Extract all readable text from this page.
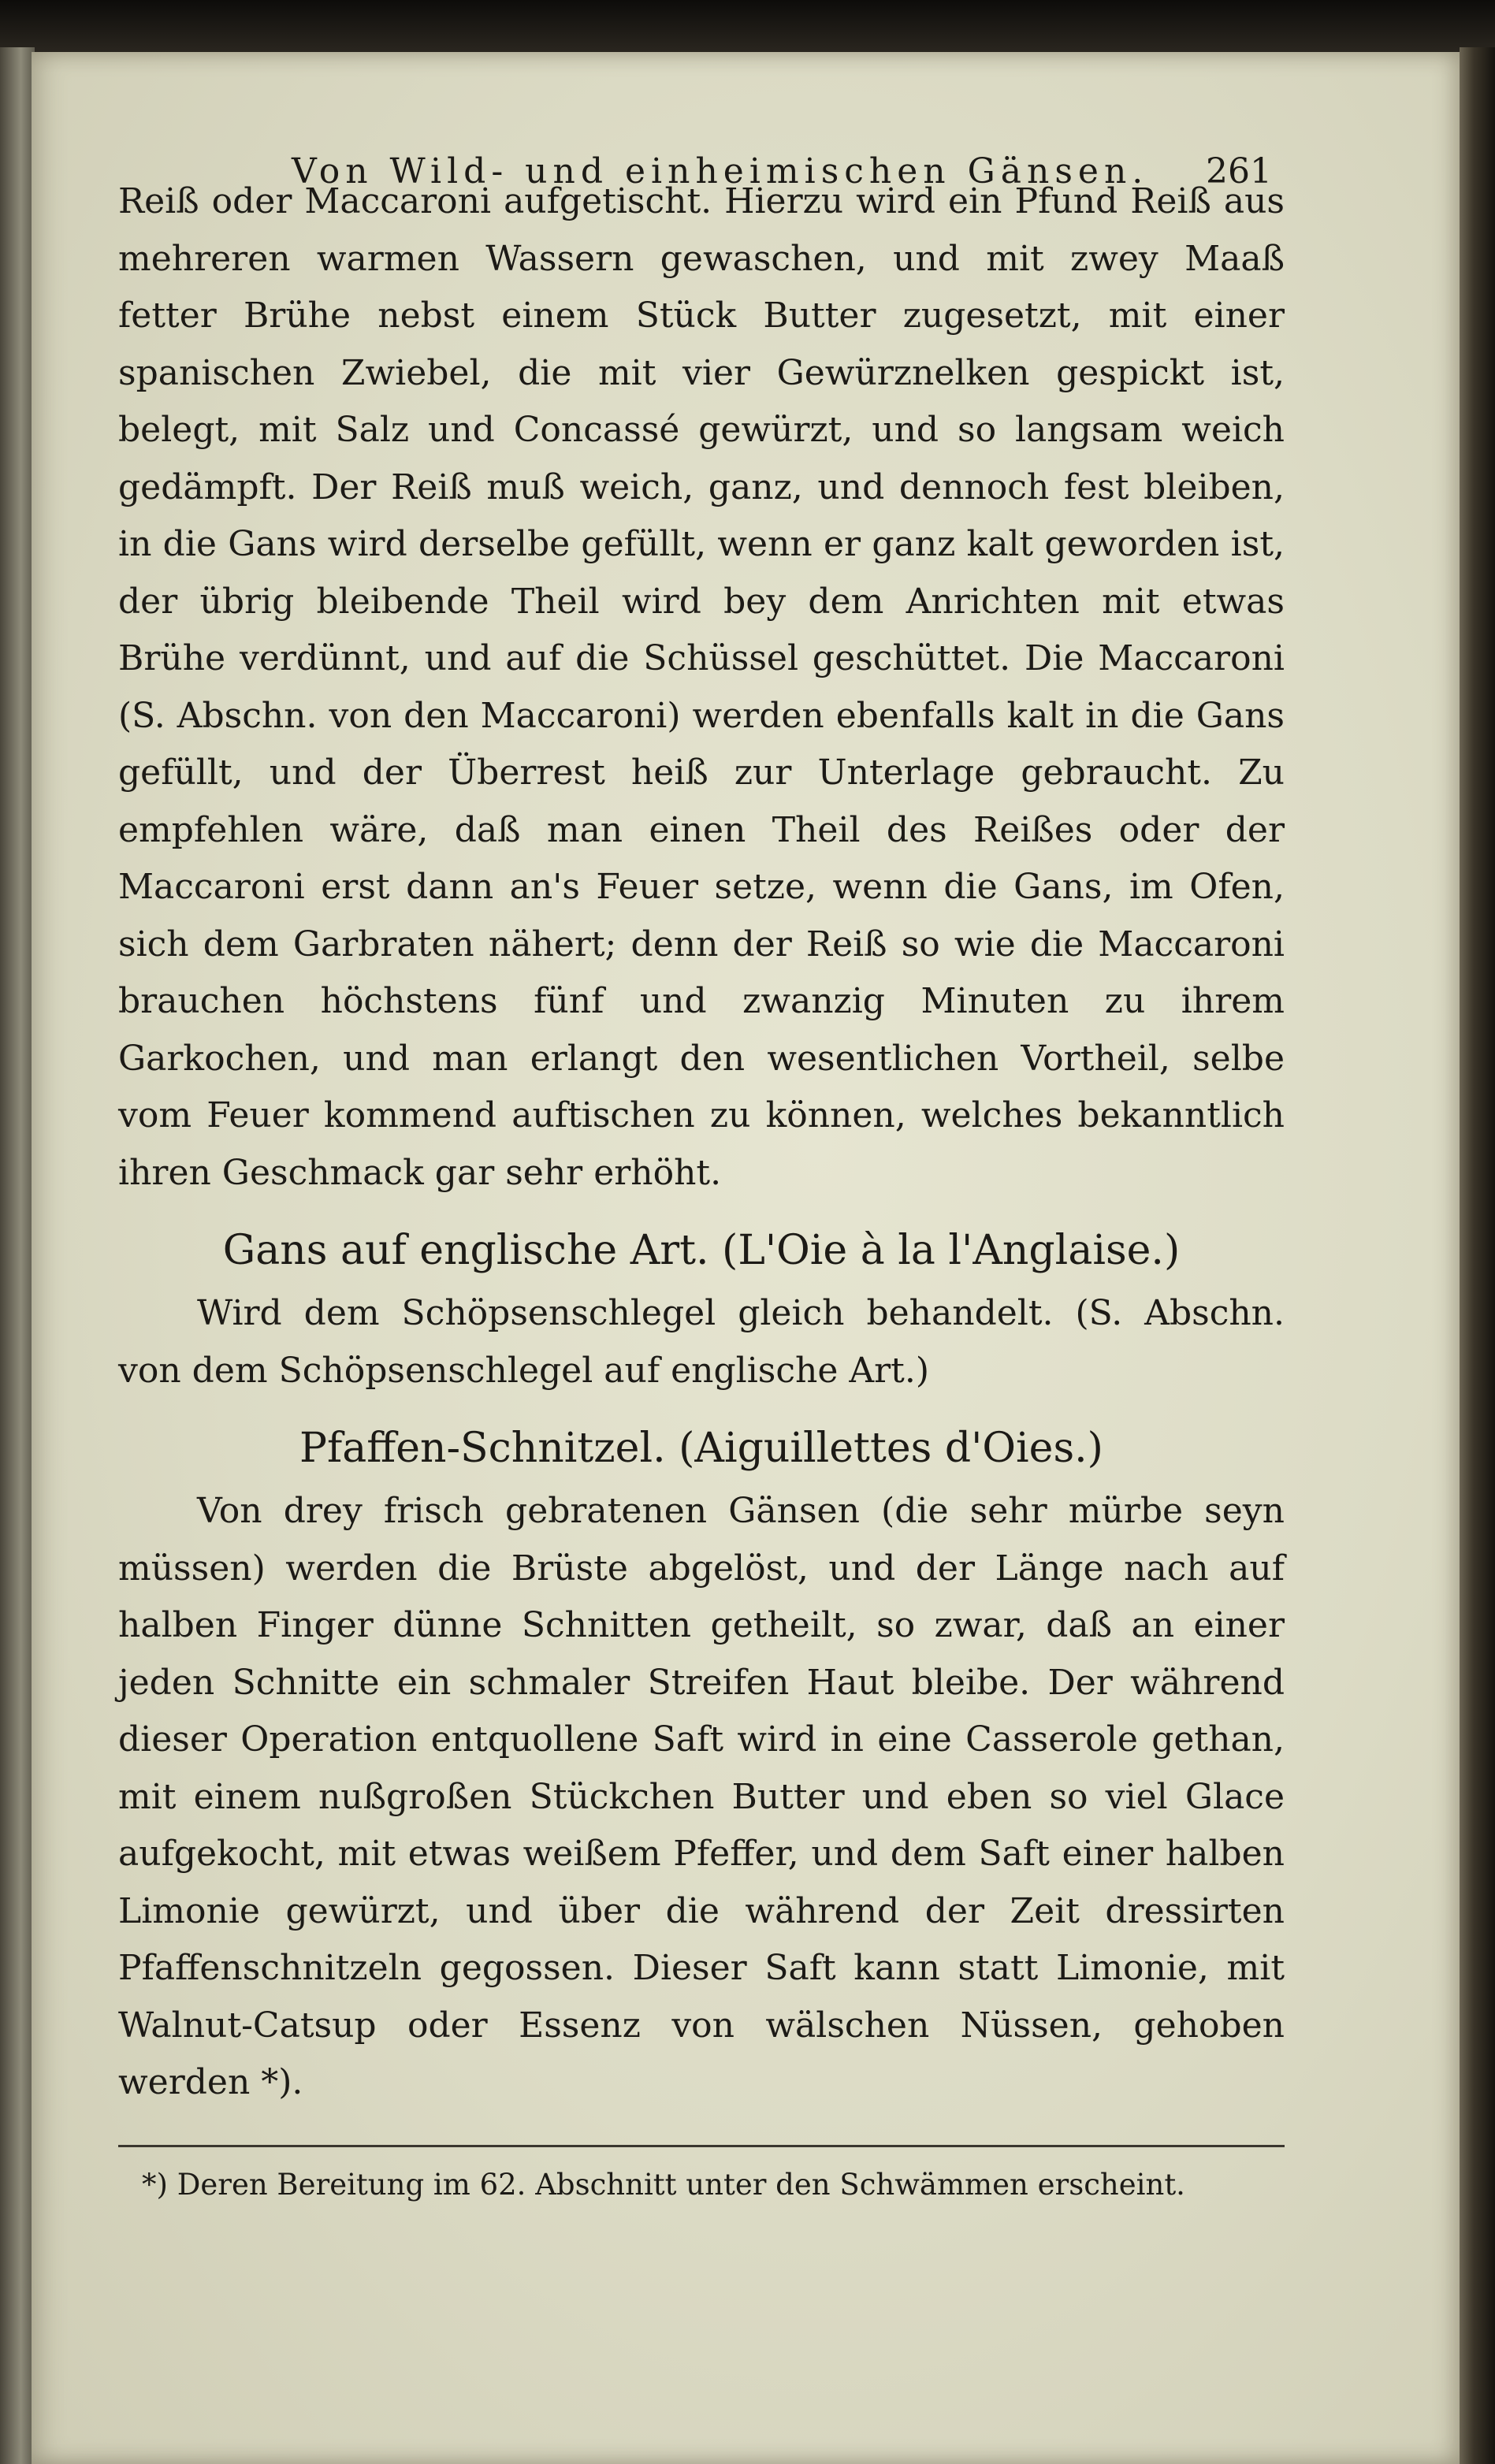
Von Wild- und einheimischen Gänsen. 261

Reiß oder Maccaroni aufgetischt. Hierzu wird ein Pfund Reiß aus mehreren warmen Wassern gewaschen, und mit zwey Maaß fetter Brühe nebst einem Stück Butter zugesetzt, mit einer spanischen Zwiebel, die mit vier Gewürznelken gespickt ist, belegt, mit Salz und Concassé gewürzt, und so langsam weich gedämpft. Der Reiß muß weich, ganz, und dennoch fest bleiben, in die Gans wird derselbe gefüllt, wenn er ganz kalt geworden ist, der übrig bleibende Theil wird bey dem Anrichten mit etwas Brühe verdünnt, und auf die Schüssel geschüttet. Die Maccaroni (S. Abschn. von den Maccaroni) werden ebenfalls kalt in die Gans gefüllt, und der Überrest heiß zur Unterlage gebraucht. Zu empfehlen wäre, daß man einen Theil des Reißes oder der Maccaroni erst dann an's Feuer setze, wenn die Gans, im Ofen, sich dem Garbraten nähert; denn der Reiß so wie die Maccaroni brauchen höchstens fünf und zwanzig Minuten zu ihrem Garkochen, und man erlangt den wesentlichen Vortheil, selbe vom Feuer kommend auftischen zu können, welches bekanntlich ihren Geschmack gar sehr erhöht.

Gans auf englische Art. (L'Oie à la l'Anglaise.)

Wird dem Schöpsenschlegel gleich behandelt. (S. Abschn. von dem Schöpsenschlegel auf englische Art.)

Pfaffen-Schnitzel. (Aiguillettes d'Oies.)

Von drey frisch gebratenen Gänsen (die sehr mürbe seyn müssen) werden die Brüste abgelöst, und der Länge nach auf halben Finger dünne Schnitten getheilt, so zwar, daß an einer jeden Schnitte ein schmaler Streifen Haut bleibe. Der während dieser Operation entquollene Saft wird in eine Casserole gethan, mit einem nußgroßen Stückchen Butter und eben so viel Glace aufgekocht, mit etwas weißem Pfeffer, und dem Saft einer halben Limonie gewürzt, und über die während der Zeit dressirten Pfaffenschnitzeln gegossen. Dieser Saft kann statt Limonie, mit Walnut-Catsup oder Essenz von wälschen Nüssen, gehoben werden *).

*) Deren Bereitung im 62. Abschnitt unter den Schwämmen erscheint.
